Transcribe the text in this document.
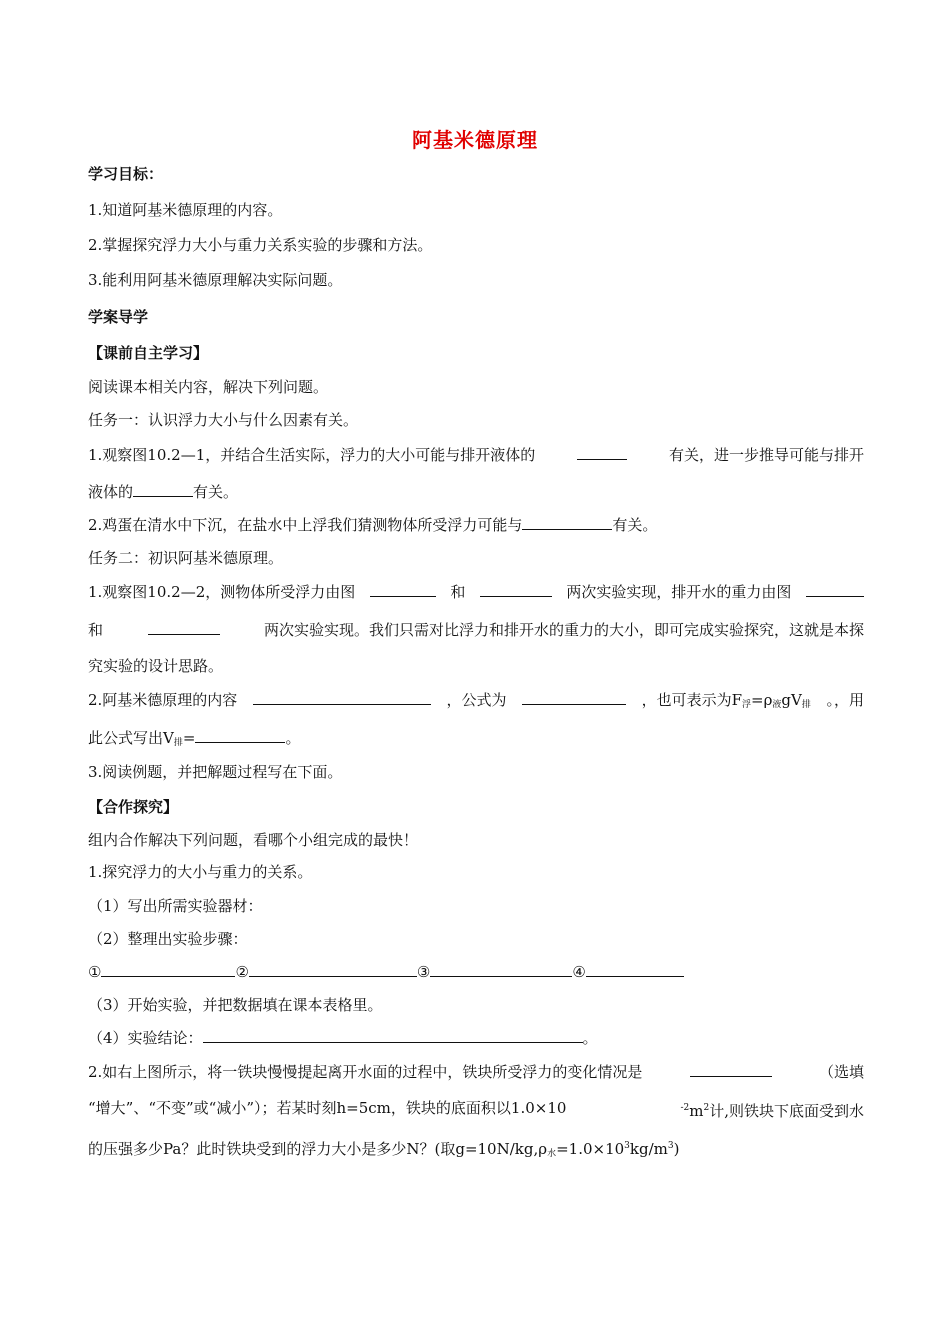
阿基米德原理
学习目标：
1.知道阿基米德原理的内容。
2.掌握探究浮力大小与重力关系实验的步骤和方法。
3.能利用阿基米德原理解决实际问题。
学案导学
【课前自主学习】
阅读课本相关内容，解决下列问题。
任务一：认识浮力大小与什么因素有关。
1.观察图10.2—1，并结合生活实际，浮力的大小可能与排开液体的	有关，进一步推导可能与排开
液体的	有关。
2.鸡蛋在清水中下沉，在盐水中上浮我们猜测物体所受浮力可能与	有关。
任务二：初识阿基米德原理。
1.观察图10.2—2，测物体所受浮力由图	和	两次实验实现，排开水的重力由图
和	两次实验实现。我们只需对比浮力和排开水的重力的大小，即可完成实验探究，这就是本探
究实验的设计思路。
2.阿基米德原理的内容	，公式为	，也可表示为$F_浮=\rho_液gV_排$ 。，用
此公式写出$V_排=$	。
3.阅读例题，并把解题过程写在下面。
【合作探究】
组内合作解决下列问题，看哪个小组完成的最快！
1.探究浮力的大小与重力的关系。
（1）写出所需实验器材：
（2）整理出实验步骤：
①	②	③	④
（3）开始实验，并把数据填在课本表格里。
（4）实验结论：	。
2.如右上图所示，将一铁块慢慢提起离开水面的过程中，铁块所受浮力的变化情况是	（选填
“增大”、“不变”或“减小”）；若某时刻h=5cm，铁块的底面积以1.0×10	$^{-2}m^2$计,则铁块下底面受到水
的压强多少Pa？此时铁块受到的浮力大小是多少N？(取$g=10N/kg,\rho_水=1.0\times 10^3kg/m^3$)
